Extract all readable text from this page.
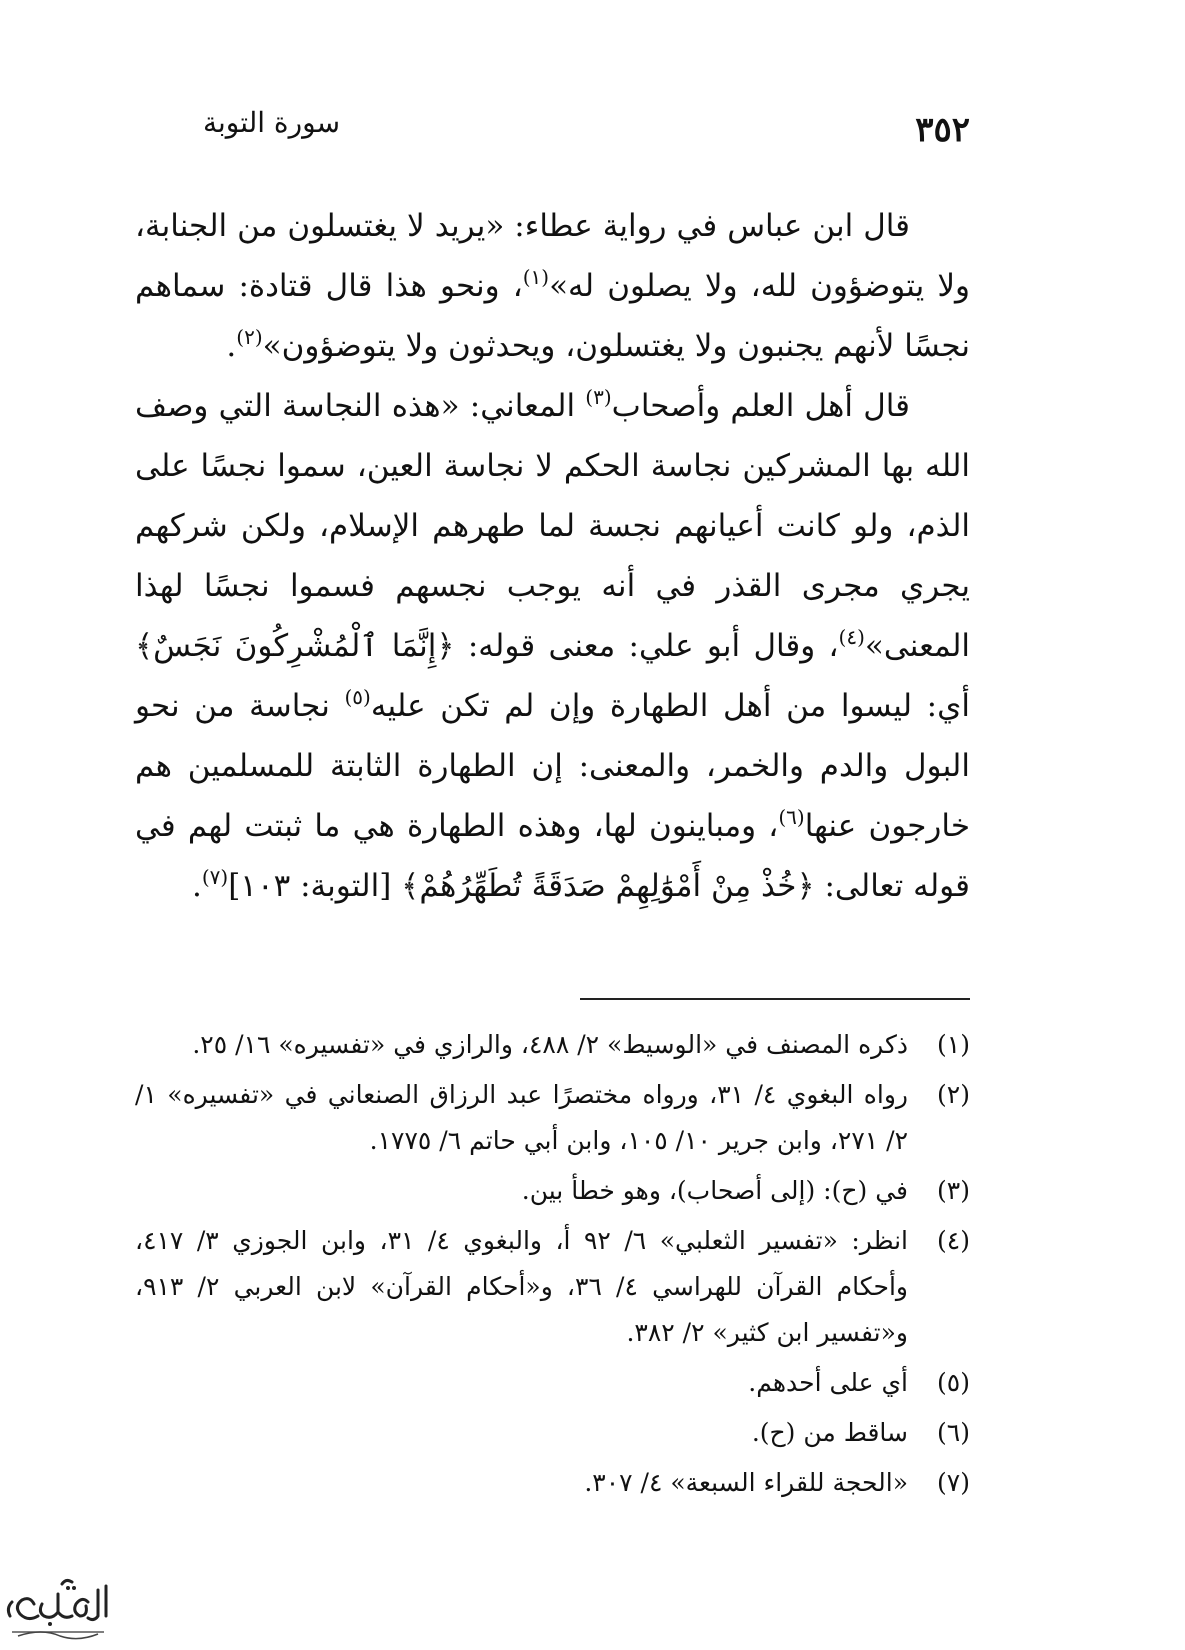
٣٥٢
سورة التوبة

قال ابن عباس في رواية عطاء: «يريد لا يغتسلون من الجنابة، ولا يتوضؤون لله، ولا يصلون له»$^{(١)}$، ونحو هذا قال قتادة: سماهم نجسًا لأنهم يجنبون ولا يغتسلون، ويحدثون ولا يتوضؤون»$^{(٢)}$.

قال أهل العلم وأصحاب$^{(٣)}$ المعاني: «هذه النجاسة التي وصف الله بها المشركين نجاسة الحكم لا نجاسة العين، سموا نجسًا على الذم، ولو كانت أعيانهم نجسة لما طهرهم الإسلام، ولكن شركهم يجري مجرى القذر في أنه يوجب نجسهم فسموا نجسًا لهذا المعنى»$^{(٤)}$، وقال أبو علي: معنى قوله: ﴿إِنَّمَا ٱلْمُشْرِكُونَ نَجَسٌ﴾ أي: ليسوا من أهل الطهارة وإن لم تكن عليه$^{(٥)}$ نجاسة من نحو البول والدم والخمر، والمعنى: إن الطهارة الثابتة للمسلمين هم خارجون عنها$^{(٦)}$، ومباينون لها، وهذه الطهارة هي ما ثبتت لهم في قوله تعالى: ﴿خُذْ مِنْ أَمْوَٰلِهِمْ صَدَقَةً تُطَهِّرُهُمْ﴾ [التوبة: ١٠٣]$^{(٧)}$.

(١)
ذكره المصنف في «الوسيط» ٢/ ٤٨٨، والرازي في «تفسيره» ١٦/ ٢٥.
(٢)
رواه البغوي ٤/ ٣١، ورواه مختصرًا عبد الرزاق الصنعاني في «تفسيره» ١/ ٢/ ٢٧١، وابن جرير ١٠/ ١٠٥، وابن أبي حاتم ٦/ ١٧٧٥.
(٣)
في (ح): (إلى أصحاب)، وهو خطأ بين.
(٤)
انظر: «تفسير الثعلبي» ٦/ ٩٢ أ، والبغوي ٤/ ٣١، وابن الجوزي ٣/ ٤١٧، وأحكام القرآن للهراسي ٤/ ٣٦، و«أحكام القرآن» لابن العربي ٢/ ٩١٣، و«تفسير ابن كثير» ٢/ ٣٨٢.
(٥)
أي على أحدهم.
(٦)
ساقط من (ح).
(٧)
«الحجة للقراء السبعة» ٤/ ٣٠٧.
